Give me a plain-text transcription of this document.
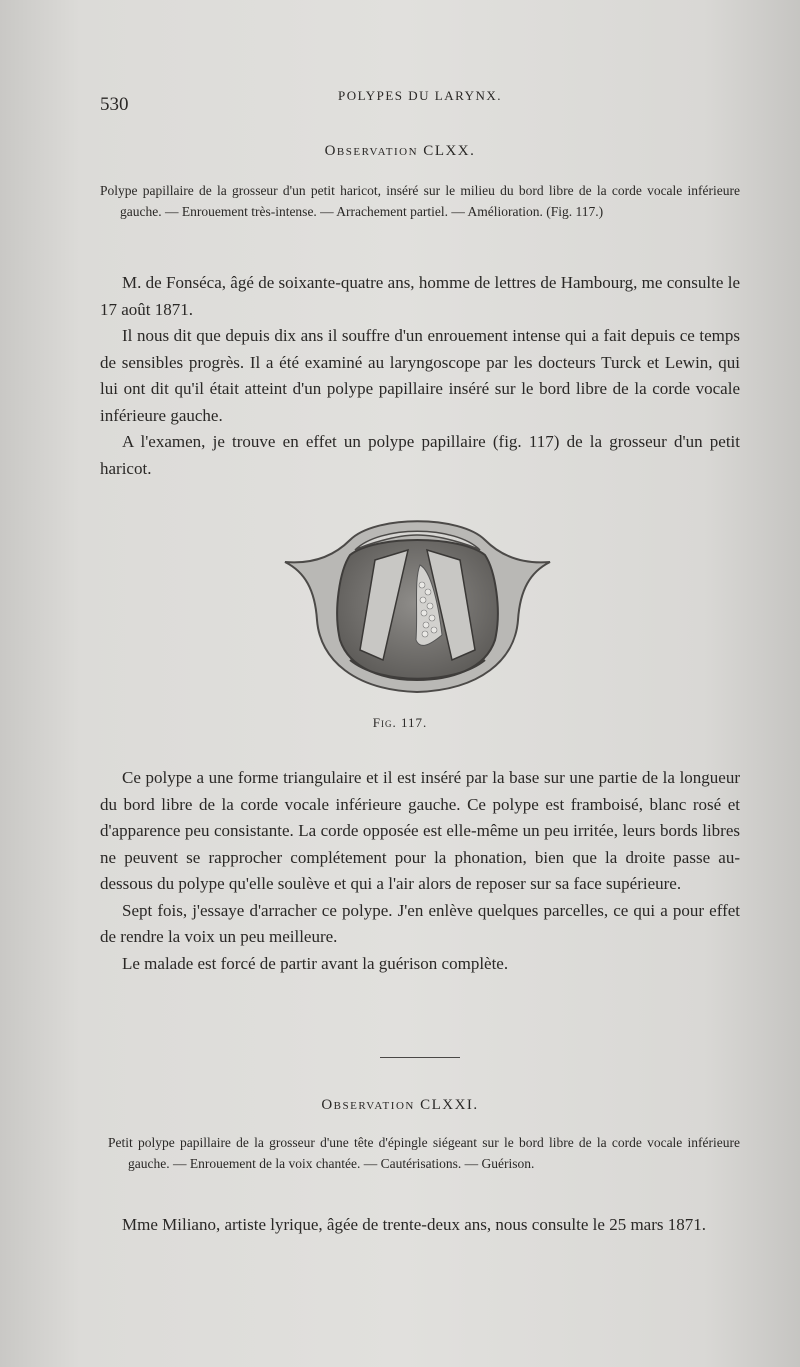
530	POLYPES DU LARYNX.
Observation CLXX.
Polype papillaire de la grosseur d'un petit haricot, inséré sur le milieu du bord libre de la corde vocale inférieure gauche. — Enrouement très-intense. — Arrachement partiel. — Amélioration. (Fig. 117.)

M. de Fonséca, âgé de soixante-quatre ans, homme de lettres de Hambourg, me consulte le 17 août 1871.

Il nous dit que depuis dix ans il souffre d'un enrouement intense qui a fait depuis ce temps de sensibles progrès. Il a été examiné au laryngoscope par les docteurs Turck et Lewin, qui lui ont dit qu'il était atteint d'un polype papillaire inséré sur le bord libre de la corde vocale inférieure gauche.

A l'examen, je trouve en effet un polype papillaire (fig. 117) de la grosseur d'un petit haricot.

Fig. 117.

Ce polype a une forme triangulaire et il est inséré par la base sur une partie de la longueur du bord libre de la corde vocale inférieure gauche. Ce polype est framboisé, blanc rosé et d'apparence peu consistante. La corde opposée est elle-même un peu irritée, leurs bords libres ne peuvent se rapprocher complétement pour la phonation, bien que la droite passe au-dessous du polype qu'elle soulève et qui a l'air alors de reposer sur sa face supérieure.

Sept fois, j'essaye d'arracher ce polype. J'en enlève quelques parcelles, ce qui a pour effet de rendre la voix un peu meilleure.

Le malade est forcé de partir avant la guérison complète.

Observation CLXXI.
Petit polype papillaire de la grosseur d'une tête d'épingle siégeant sur le bord libre de la corde vocale inférieure gauche. — Enrouement de la voix chantée. — Cautérisations. — Guérison.

Mme Miliano, artiste lyrique, âgée de trente-deux ans, nous consulte le 25 mars 1871.
